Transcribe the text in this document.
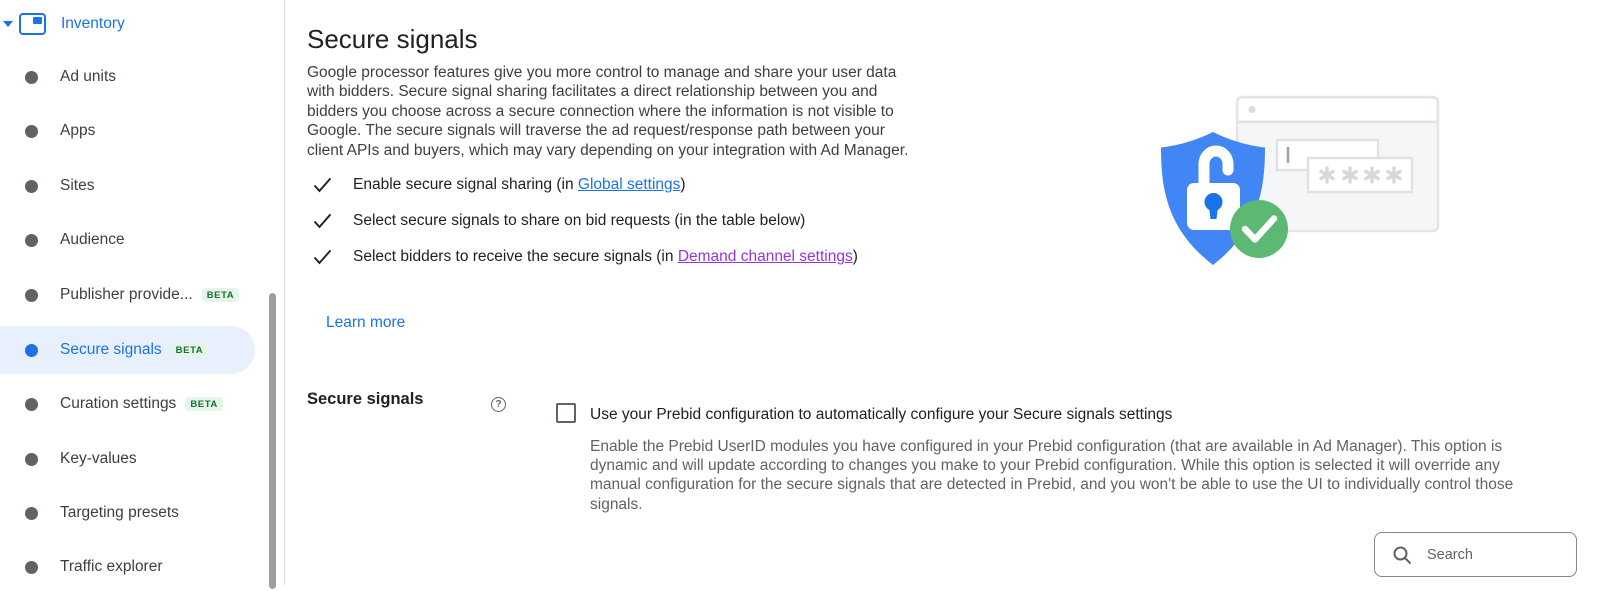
Inventory
Ad units
Apps
Sites
Audience
Publisher provide...	BETA
Secure signals	BETA
Curation settings	BETA
Key-values
Targeting presets
Traffic explorer
Secure signals
Google processor features give you more control to manage and share your user data
with bidders. Secure signal sharing facilitates a direct relationship between you and
bidders you choose across a secure connection where the information is not visible to
Google. The secure signals will traverse the ad request/response path between your
client APIs and buyers, which may vary depending on your integration with Ad Manager.
Enable secure signal sharing (in Global settings)
Select secure signals to share on bid requests (in the table below)
Select bidders to receive the secure signals (in Demand channel settings)
Learn more
Secure signals	?
Use your Prebid configuration to automatically configure your Secure signals settings
Enable the Prebid UserID modules you have configured in your Prebid configuration (that are available in Ad Manager). This option is
dynamic and will update according to changes you make to your Prebid configuration. While this option is selected it will override any
manual configuration for the secure signals that are detected in Prebid, and you won't be able to use the UI to individually control those
signals.
Search
